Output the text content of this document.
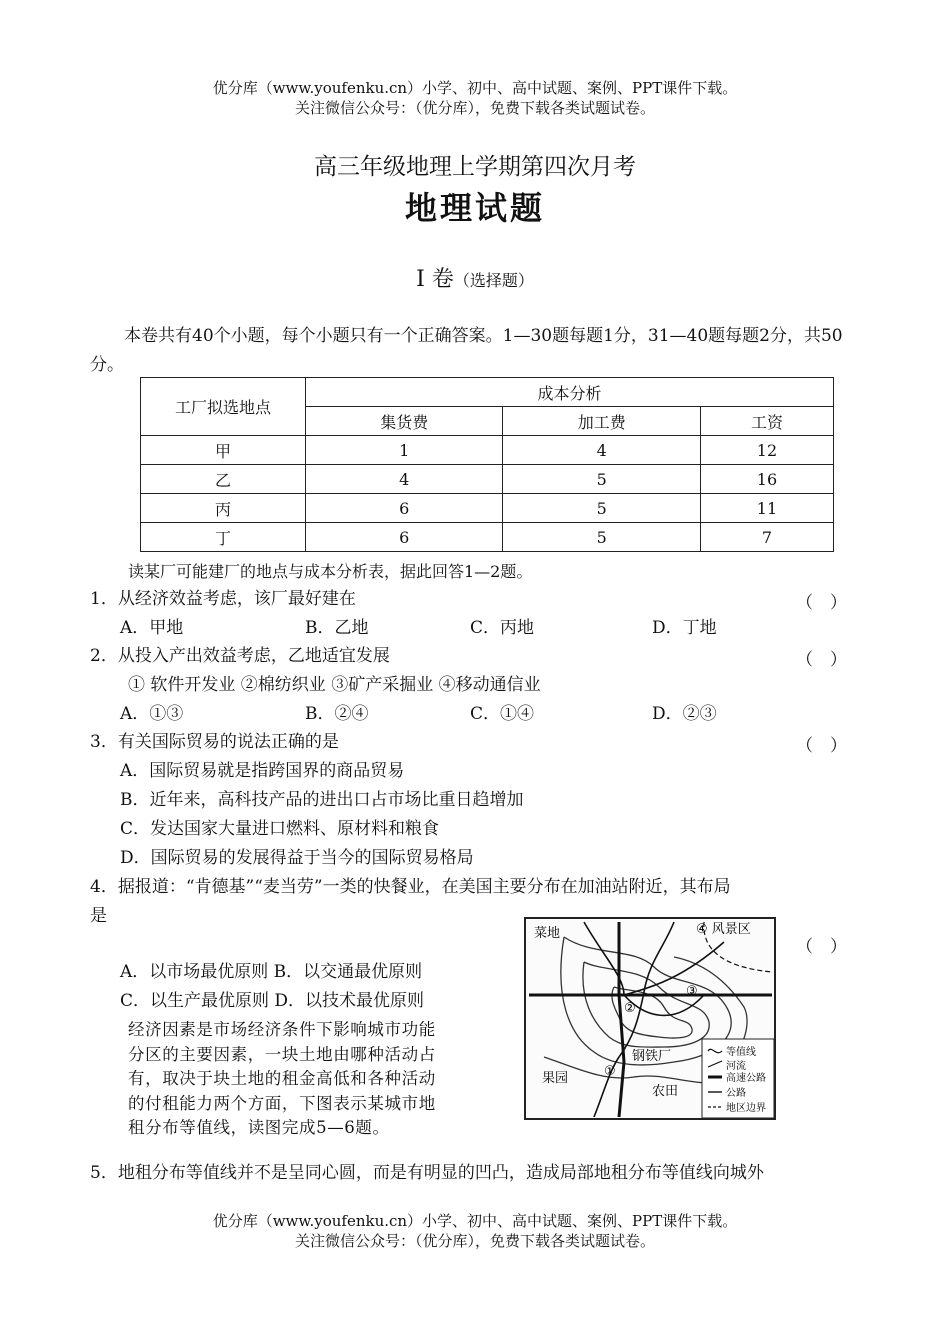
优分库（www.youfenku.cn）小学、初中、高中试题、案例、PPT课件下载。
关注微信公众号：（优分库），免费下载各类试题试卷。
高三年级地理上学期第四次月考
地理试题
Ⅰ 卷（选择题）
本卷共有40个小题，每个小题只有一个正确答案。1—30题每题1分，31—40题每题2分，共50分。
工厂拟选地点	成本分析		
	集货费	加工费	工资
甲	1	4	12
乙	4	5	16
丙	6	5	11
丁	6	5	7
读某厂可能建厂的地点与成本分析表，据此回答1—2题。
1．从经济效益考虑，该厂最好建在	（　）
A．甲地	B．乙地	C．丙地	D．丁地
2．从投入产出效益考虑，乙地适宜发展	（　）
① 软件开发业 ②棉纺织业 ③矿产采掘业 ④移动通信业
A．①③	B．②④	C．①④	D．②③
3．有关国际贸易的说法正确的是	（　）
A．国际贸易就是指跨国界的商品贸易
B．近年来，高科技产品的进出口占市场比重日趋增加
C．发达国家大量进口燃料、原材料和粮食
D．国际贸易的发展得益于当今的国际贸易格局
4．据报道：“肯德基”“麦当劳”一类的快餐业，在美国主要分布在加油站附近，其布局
是
（　）
A．以市场最优原则 B．以交通最优原则
C．以生产最优原则 D．以技术最优原则
经济因素是市场经济条件下影响城市功能
分区的主要因素，一块土地由哪种活动占
有，取决于块土地的租金高低和各种活动
的付租能力两个方面，下图表示某城市地
租分布等值线，读图完成5—6题。
菜地	④ 风景区
果园
钢铁厂
农田
①
②
③
等值线
河流
高速公路
公路
地区边界
5．地租分布等值线并不是呈同心圆，而是有明显的凹凸，造成局部地租分布等值线向城外
优分库（www.youfenku.cn）小学、初中、高中试题、案例、PPT课件下载。
关注微信公众号：（优分库），免费下载各类试题试卷。
